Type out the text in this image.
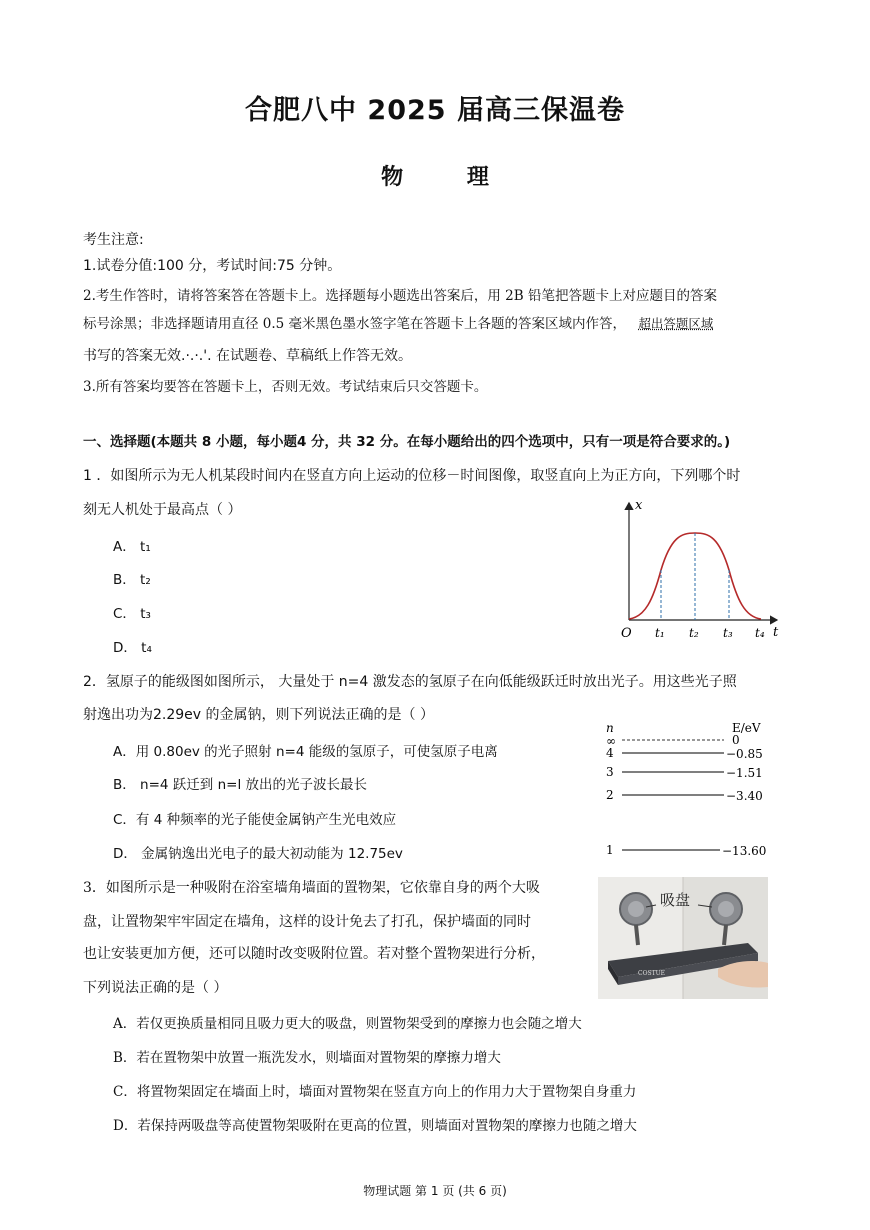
合肥八中 2025 届高三保温卷
物	理
考生注意:
1.试卷分值:100 分，考试时间:75 分钟。
2.考生作答时，请将答案答在答题卡上。选择题每小题选出答案后，用 2B 铅笔把答题卡上对应题目的答案
标号涂黑；非选择题请用直径 0.5 毫米黑色墨水签字笔在答题卡上各题的答案区域内作答， 超出答题区域
书写的答案无效.·.·.'. 在试题卷、草稿纸上作答无效。
3.所有答案均要答在答题卡上，否则无效。考试结束后只交答题卡。
一、选择题(本题共 8 小题，每小题4 分，共 32 分。在每小题给出的四个选项中，只有一项是符合要求的。)
1 ．如图所示为无人机某段时间内在竖直方向上运动的位移－时间图像，取竖直向上为正方向，下列哪个时
刻无人机处于最高点（ ）
A． t₁
B． t₂
C． t₃
D． t₄
x
t
O t₁ t₂ t₃ t₄
2．氢原子的能级图如图所示， 大量处于 n=4 激发态的氢原子在向低能级跃迁时放出光子。用这些光子照
射逸出功为2.29ev 的金属钠，则下列说法正确的是（ ）
A．用 0.80ev 的光子照射 n=4 能级的氢原子，可使氢原子电离
B． n=4 跃迁到 n=l 放出的光子波长最长
C．有 4 种频率的光子能使金属钠产生光电效应
D． 金属钠逸出光电子的最大初动能为 12.75ev
n	E/eV
∞	0
4	−0.85
3	−1.51
2	−3.40
1	−13.60
3．如图所示是一种吸附在浴室墙角墙面的置物架，它依靠自身的两个大吸
盘，让置物架牢牢固定在墙角，这样的设计免去了打孔，保护墙面的同时
也让安装更加方便，还可以随时改变吸附位置。若对整个置物架进行分析，
下列说法正确的是（ ）
吸盘
COSTUE
A．若仅更换质量相同且吸力更大的吸盘，则置物架受到的摩擦力也会随之增大
B．若在置物架中放置一瓶洗发水，则墙面对置物架的摩擦力增大
C．将置物架固定在墙面上时，墙面对置物架在竖直方向上的作用力大于置物架自身重力
D．若保持两吸盘等高使置物架吸附在更高的位置，则墙面对置物架的摩擦力也随之增大
物理试题 第 1 页 (共 6 页)
